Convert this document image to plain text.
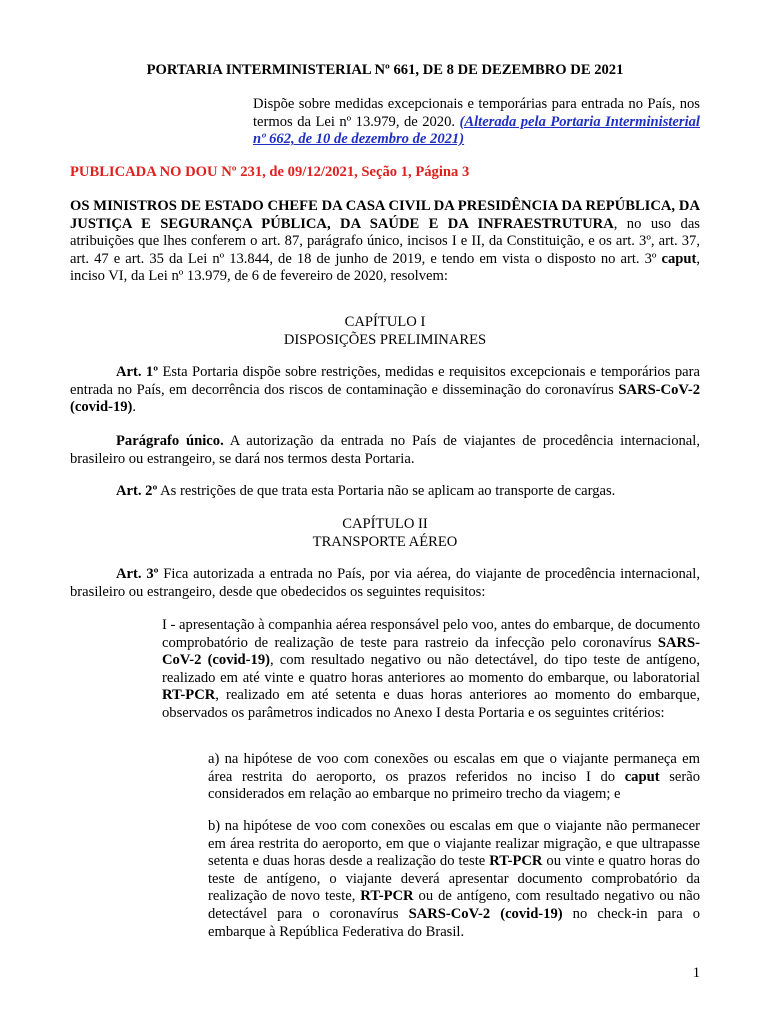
PORTARIA INTERMINISTERIAL Nº 661, DE 8 DE DEZEMBRO DE 2021
Dispõe sobre medidas excepcionais e temporárias para entrada no País, nos termos da Lei nº 13.979, de 2020. (Alterada pela Portaria Interministerial nº 662, de 10 de dezembro de 2021)
PUBLICADA NO DOU Nº 231, de 09/12/2021, Seção 1, Página 3
OS MINISTROS DE ESTADO CHEFE DA CASA CIVIL DA PRESIDÊNCIA DA REPÚBLICA, DA JUSTIÇA E SEGURANÇA PÚBLICA, DA SAÚDE E DA INFRAESTRUTURA, no uso das atribuições que lhes conferem o art. 87, parágrafo único, incisos I e II, da Constituição, e os art. 3º, art. 37, art. 47 e art. 35 da Lei nº 13.844, de 18 de junho de 2019, e tendo em vista o disposto no art. 3º caput, inciso VI, da Lei nº 13.979, de 6 de fevereiro de 2020, resolvem:
CAPÍTULO I
DISPOSIÇÕES PRELIMINARES
Art. 1º Esta Portaria dispõe sobre restrições, medidas e requisitos excepcionais e temporários para entrada no País, em decorrência dos riscos de contaminação e disseminação do coronavírus SARS-CoV-2 (covid-19).
Parágrafo único. A autorização da entrada no País de viajantes de procedência internacional, brasileiro ou estrangeiro, se dará nos termos desta Portaria.
Art. 2º As restrições de que trata esta Portaria não se aplicam ao transporte de cargas.
CAPÍTULO II
TRANSPORTE AÉREO
Art. 3º Fica autorizada a entrada no País, por via aérea, do viajante de procedência internacional, brasileiro ou estrangeiro, desde que obedecidos os seguintes requisitos:
I - apresentação à companhia aérea responsável pelo voo, antes do embarque, de documento comprobatório de realização de teste para rastreio da infecção pelo coronavírus SARS-CoV-2 (covid-19), com resultado negativo ou não detectável, do tipo teste de antígeno, realizado em até vinte e quatro horas anteriores ao momento do embarque, ou laboratorial RT-PCR, realizado em até setenta e duas horas anteriores ao momento do embarque, observados os parâmetros indicados no Anexo I desta Portaria e os seguintes critérios:
a) na hipótese de voo com conexões ou escalas em que o viajante permaneça em área restrita do aeroporto, os prazos referidos no inciso I do caput serão considerados em relação ao embarque no primeiro trecho da viagem; e
b) na hipótese de voo com conexões ou escalas em que o viajante não permanecer em área restrita do aeroporto, em que o viajante realizar migração, e que ultrapasse setenta e duas horas desde a realização do teste RT-PCR ou vinte e quatro horas do teste de antígeno, o viajante deverá apresentar documento comprobatório da realização de novo teste, RT-PCR ou de antígeno, com resultado negativo ou não detectável para o coronavírus SARS-CoV-2 (covid-19) no check-in para o embarque à República Federativa do Brasil.
1
